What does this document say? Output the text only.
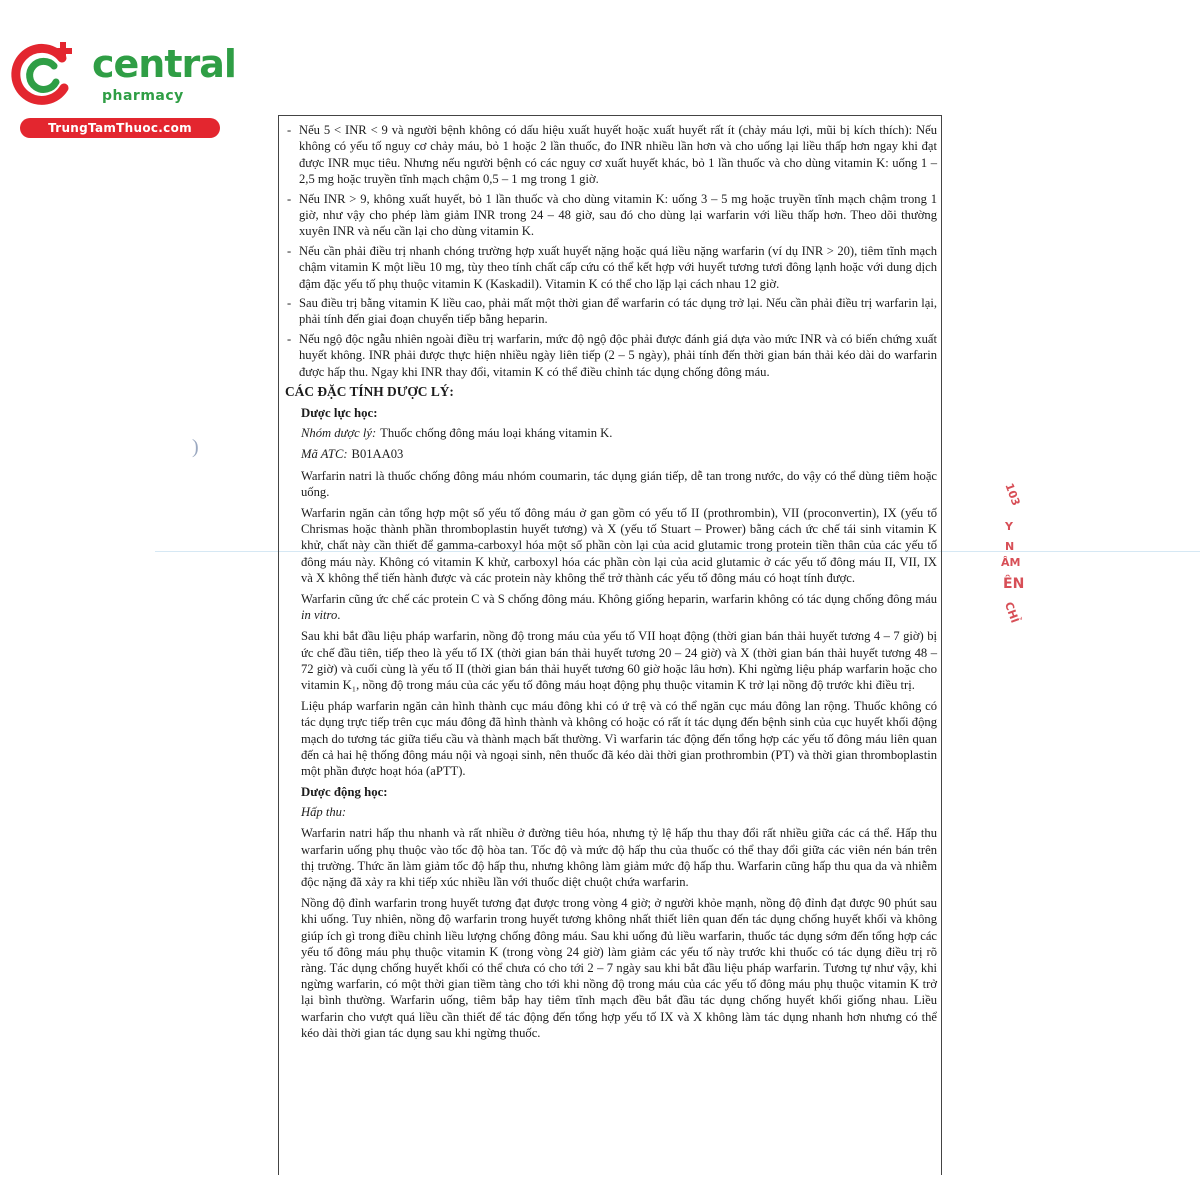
central
pharmacy
TrungTamThuoc.com
)
103
Y
N
ÂM
ÊN
CHỈ
- Nếu 5 < INR < 9 và người bệnh không có dấu hiệu xuất huyết hoặc xuất huyết rất ít (chảy máu lợi, mũi bị kích thích): Nếu không có yếu tố nguy cơ chảy máu, bỏ 1 hoặc 2 lần thuốc, đo INR nhiều lần hơn và cho uống lại liều thấp hơn ngay khi đạt được INR mục tiêu. Nhưng nếu người bệnh có các nguy cơ xuất huyết khác, bỏ 1 lần thuốc và cho dùng vitamin K: uống 1 – 2,5 mg hoặc truyền tĩnh mạch chậm 0,5 – 1 mg trong 1 giờ.
- Nếu INR > 9, không xuất huyết, bỏ 1 lần thuốc và cho dùng vitamin K: uống 3 – 5 mg hoặc truyền tĩnh mạch chậm trong 1 giờ, như vậy cho phép làm giảm INR trong 24 – 48 giờ, sau đó cho dùng lại warfarin với liều thấp hơn. Theo dõi thường xuyên INR và nếu cần lại cho dùng vitamin K.
- Nếu cần phải điều trị nhanh chóng trường hợp xuất huyết nặng hoặc quá liều nặng warfarin (ví dụ INR > 20), tiêm tĩnh mạch chậm vitamin K một liều 10 mg, tùy theo tính chất cấp cứu có thể kết hợp với huyết tương tươi đông lạnh hoặc với dung dịch đậm đặc yếu tố phụ thuộc vitamin K (Kaskadil). Vitamin K có thể cho lặp lại cách nhau 12 giờ.
- Sau điều trị bằng vitamin K liều cao, phải mất một thời gian để warfarin có tác dụng trở lại. Nếu cần phải điều trị warfarin lại, phải tính đến giai đoạn chuyển tiếp bằng heparin.
- Nếu ngộ độc ngẫu nhiên ngoài điều trị warfarin, mức độ ngộ độc phải được đánh giá dựa vào mức INR và có biến chứng xuất huyết không. INR phải được thực hiện nhiều ngày liên tiếp (2 – 5 ngày), phải tính đến thời gian bán thải kéo dài do warfarin được hấp thu. Ngay khi INR thay đổi, vitamin K có thể điều chỉnh tác dụng chống đông máu.
CÁC ĐẶC TÍNH DƯỢC LÝ:
Dược lực học:
Nhóm dược lý: Thuốc chống đông máu loại kháng vitamin K.
Mã ATC: B01AA03
Warfarin natri là thuốc chống đông máu nhóm coumarin, tác dụng gián tiếp, dễ tan trong nước, do vậy có thể dùng tiêm hoặc uống.
Warfarin ngăn cản tổng hợp một số yếu tố đông máu ở gan gồm có yếu tố II (prothrombin), VII (proconvertin), IX (yếu tố Chrismas hoặc thành phần thromboplastin huyết tương) và X (yếu tố Stuart – Prower) bằng cách ức chế tái sinh vitamin K khử, chất này cần thiết để gamma-carboxyl hóa một số phần còn lại của acid glutamic trong protein tiền thân của các yếu tố đông máu này. Không có vitamin K khử, carboxyl hóa các phần còn lại của acid glutamic ở các yếu tố đông máu II, VII, IX và X không thể tiến hành được và các protein này không thể trở thành các yếu tố đông máu có hoạt tính được.
Warfarin cũng ức chế các protein C và S chống đông máu. Không giống heparin, warfarin không có tác dụng chống đông máu in vitro.
Sau khi bắt đầu liệu pháp warfarin, nồng độ trong máu của yếu tố VII hoạt động (thời gian bán thải huyết tương 4 – 7 giờ) bị ức chế đầu tiên, tiếp theo là yếu tố IX (thời gian bán thải huyết tương 20 – 24 giờ) và X (thời gian bán thải huyết tương 48 – 72 giờ) và cuối cùng là yếu tố II (thời gian bán thải huyết tương 60 giờ hoặc lâu hơn). Khi ngừng liệu pháp warfarin hoặc cho vitamin K₁, nồng độ trong máu của các yếu tố đông máu hoạt động phụ thuộc vitamin K trở lại nồng độ trước khi điều trị.
Liệu pháp warfarin ngăn cản hình thành cục máu đông khi có ứ trệ và có thể ngăn cục máu đông lan rộng. Thuốc không có tác dụng trực tiếp trên cục máu đông đã hình thành và không có hoặc có rất ít tác dụng đến bệnh sinh của cục huyết khối động mạch do tương tác giữa tiểu cầu và thành mạch bất thường. Vì warfarin tác động đến tổng hợp các yếu tố đông máu liên quan đến cả hai hệ thống đông máu nội và ngoại sinh, nên thuốc đã kéo dài thời gian prothrombin (PT) và thời gian thromboplastin một phần được hoạt hóa (aPTT).
Dược động học:
Hấp thu:
Warfarin natri hấp thu nhanh và rất nhiều ở đường tiêu hóa, nhưng tỷ lệ hấp thu thay đổi rất nhiều giữa các cá thể. Hấp thu warfarin uống phụ thuộc vào tốc độ hòa tan. Tốc độ và mức độ hấp thu của thuốc có thể thay đổi giữa các viên nén bán trên thị trường. Thức ăn làm giảm tốc độ hấp thu, nhưng không làm giảm mức độ hấp thu. Warfarin cũng hấp thu qua da và nhiễm độc nặng đã xảy ra khi tiếp xúc nhiều lần với thuốc diệt chuột chứa warfarin.
Nồng độ đỉnh warfarin trong huyết tương đạt được trong vòng 4 giờ; ở người khỏe mạnh, nồng độ đỉnh đạt được 90 phút sau khi uống. Tuy nhiên, nồng độ warfarin trong huyết tương không nhất thiết liên quan đến tác dụng chống huyết khối và không giúp ích gì trong điều chỉnh liều lượng chống đông máu. Sau khi uống đủ liều warfarin, thuốc tác dụng sớm đến tổng hợp các yếu tố đông máu phụ thuộc vitamin K (trong vòng 24 giờ) làm giảm các yếu tố này trước khi thuốc có tác dụng điều trị rõ ràng. Tác dụng chống huyết khối có thể chưa có cho tới 2 – 7 ngày sau khi bắt đầu liệu pháp warfarin. Tương tự như vậy, khi ngừng warfarin, có một thời gian tiềm tàng cho tới khi nồng độ trong máu của các yếu tố đông máu phụ thuộc vitamin K trở lại bình thường. Warfarin uống, tiêm bắp hay tiêm tĩnh mạch đều bắt đầu tác dụng chống huyết khối giống nhau. Liều warfarin cho vượt quá liều cần thiết để tác động đến tổng hợp yếu tố IX và X không làm tác dụng nhanh hơn nhưng có thể kéo dài thời gian tác dụng sau khi ngừng thuốc.
